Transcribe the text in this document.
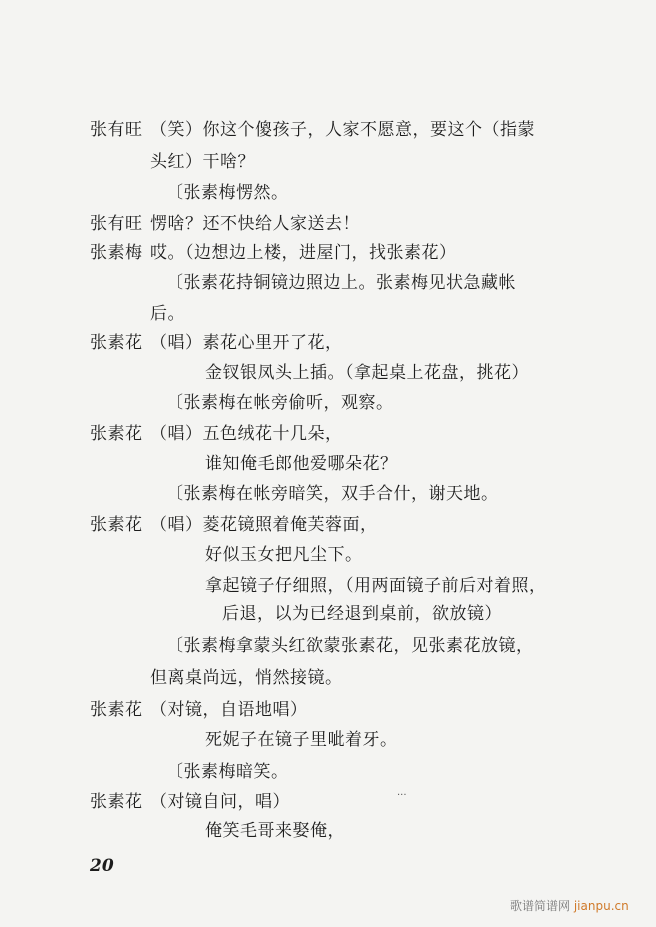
张有旺 （笑）你这个傻孩子，人家不愿意，要这个（指蒙
头红）干啥？
〔张素梅愣然。
张有旺 愣啥？还不快给人家送去！
张素梅 哎。（边想边上楼，进屋门，找张素花）
〔张素花持铜镜边照边上。张素梅见状急藏帐
后。
张素花 （唱）素花心里开了花，
金钗银凤头上插。（拿起桌上花盘，挑花）
〔张素梅在帐旁偷听，观察。
张素花 （唱）五色绒花十几朵，
谁知俺毛郎他爱哪朵花？
〔张素梅在帐旁暗笑，双手合什，谢天地。
张素花 （唱）菱花镜照着俺芙蓉面，
好似玉女把凡尘下。
拿起镜子仔细照，（用两面镜子前后对着照，
后退，以为已经退到桌前，欲放镜）
〔张素梅拿蒙头红欲蒙张素花，见张素花放镜，
但离桌尚远，悄然接镜。
张素花 （对镜，自语地唱）
死妮子在镜子里呲着牙。
〔张素梅暗笑。
张素花 （对镜自问，唱）	···
俺笑毛哥来娶俺，
20
歌谱简谱网 jianpu.cn
